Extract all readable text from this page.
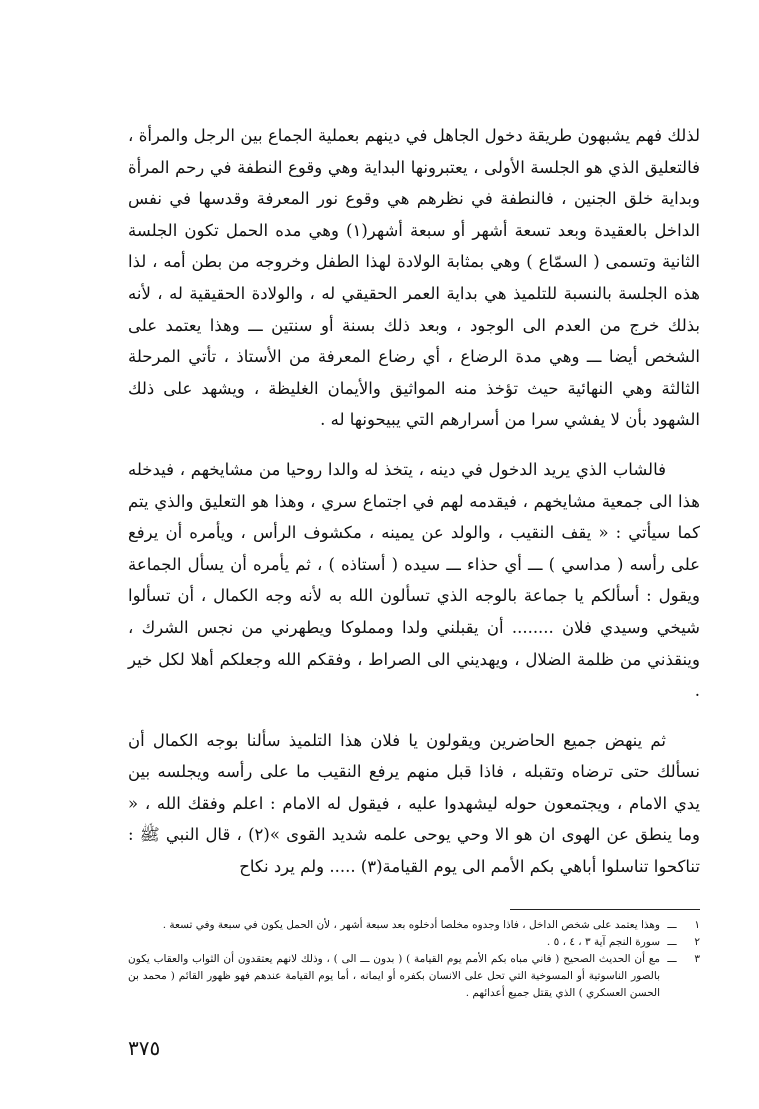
لذلك فهم يشبهون طريقة دخول الجاهل في دينهم بعملية الجماع بين الرجل والمرأة ، فالتعليق الذي هو الجلسة الأولى ، يعتبرونها البداية وهي وقوع النطفة في رحم المرأة وبداية خلق الجنين ، فالنطفة في نظرهم هي وقوع نور المعرفة وقدسها في نفس الداخل بالعقيدة وبعد تسعة أشهر أو سبعة أشهر(١) وهي مده الحمل تكون الجلسة الثانية وتسمى ( السمّاع ) وهي بمثابة الولادة لهذا الطفل وخروجه من بطن أمه ، لذا هذه الجلسة بالنسبة للتلميذ هي بداية العمر الحقيقي له ، والولادة الحقيقية له ، لأنه بذلك خرج من العدم الى الوجود ، وبعد ذلك بسنة أو سنتين ـــ وهذا يعتمد على الشخص أيضا ـــ وهي مدة الرضاع ، أي رضاع المعرفة من الأستاذ ، تأتي المرحلة الثالثة وهي النهائية حيث تؤخذ منه المواثيق والأيمان الغليظة ، ويشهد على ذلك الشهود بأن لا يفشي سرا من أسرارهم التي يبيحونها له .

فالشاب الذي يريد الدخول في دينه ، يتخذ له والدا روحيا من مشايخهم ، فيدخله هذا الى جمعية مشايخهم ، فيقدمه لهم في اجتماع سري ، وهذا هو التعليق والذي يتم كما سيأتي : « يقف النقيب ، والولد عن يمينه ، مكشوف الرأس ، ويأمره أن يرفع على رأسه ( مداسي ) ـــ أي حذاء ـــ سيده ( أستاذه ) ، ثم يأمره أن يسأل الجماعة ويقول : أسألكم يا جماعة بالوجه الذي تسألون الله به لأنه وجه الكمال ، أن تسألوا شيخي وسيدي فلان ........ أن يقبلني ولدا ومملوكا ويطهرني من نجس الشرك ، وينقذني من ظلمة الضلال ، ويهديني الى الصراط ، وفقكم الله وجعلكم أهلا لكل خير .

ثم ينهض جميع الحاضرين ويقولون يا فلان هذا التلميذ سألنا بوجه الكمال أن نسألك حتى ترضاه وتقبله ، فاذا قبل منهم يرفع النقيب ما على رأسه ويجلسه بين يدي الامام ، ويجتمعون حوله ليشهدوا عليه ، فيقول له الامام : اعلم وفقك الله ، « وما ينطق عن الهوى ان هو الا وحي يوحى علمه شديد القوى »(٢) ، قال النبي ﷺ : تناكحوا تناسلوا أباهي بكم الأمم الى يوم القيامة(٣) ..... ولم يرد نكاح

١
ـــ
وهذا يعتمد على شخص الداخل ، فاذا وجدوه مخلصا أدخلوه بعد سبعة أشهر ، لأن الحمل يكون في سبعة وفي تسعة .
٢
ـــ
سورة النجم آية ٣ ، ٤ ، ٥ .
٣
ـــ
مع أن الحديث الصحيح ( فاني مباه بكم الأمم يوم القيامة ) ( بدون ـــ الى ) ، وذلك لانهم يعتقدون أن الثواب والعقاب يكون بالصور الناسوتية أو المسوخية التي تحل على الانسان بكفره أو ايمانه ، أما يوم القيامة عندهم فهو ظهور القائم ( محمد بن الحسن العسكري ) الذي يقتل جميع أعدائهم .
٣٧٥
